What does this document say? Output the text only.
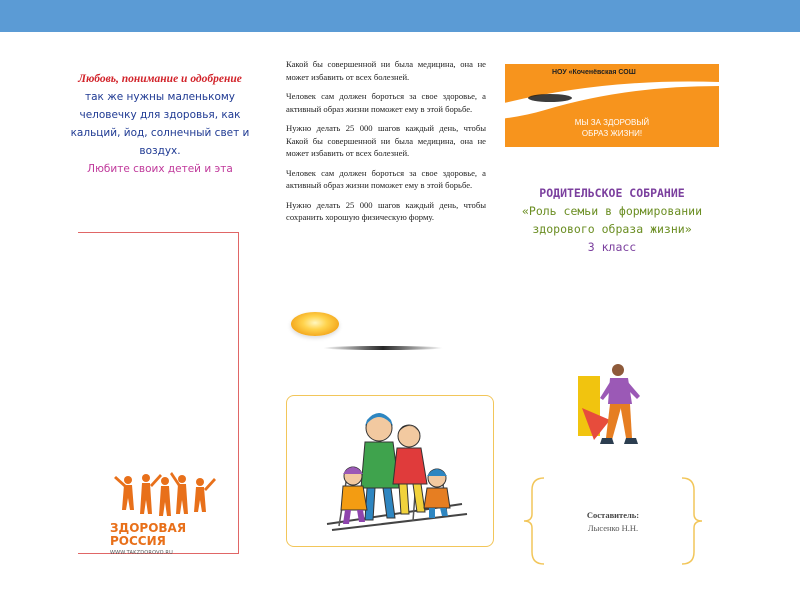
Любовь, понимание и одобрение
так же нужны маленькому человечку для здоровья, как кальций, йод, солнечный свет и воздух.
Любите своих детей и эта
ЗДОРОВАЯ
РОССИЯ
WWW.TAKZDOROVO.RU

Какой бы совершенной ни была медицина, она не может избавить от всех болезней.

Человек сам должен бороться за свое здоровье, а активный образ жизни поможет ему в этой борьбе.

Нужно делать 25 000 шагов каждый день, чтобы Какой бы совершенной ни была медицина, она не может избавить от всех болезней.

Человек сам должен бороться за свое здоровье, а активный образ жизни поможет ему в этой борьбе.

Нужно делать 25 000 шагов каждый день, чтобы сохранить хорошую физическую форму.

НОУ «Коченёвская СОШ
МЫ ЗА ЗДОРОВЫЙ
ОБРАЗ ЖИЗНИ!
РОДИТЕЛЬСКОЕ СОБРАНИЕ
«Роль семьи в формировании здорового образа жизни»
3 класс
Составитель:
Лысенко Н.Н.
